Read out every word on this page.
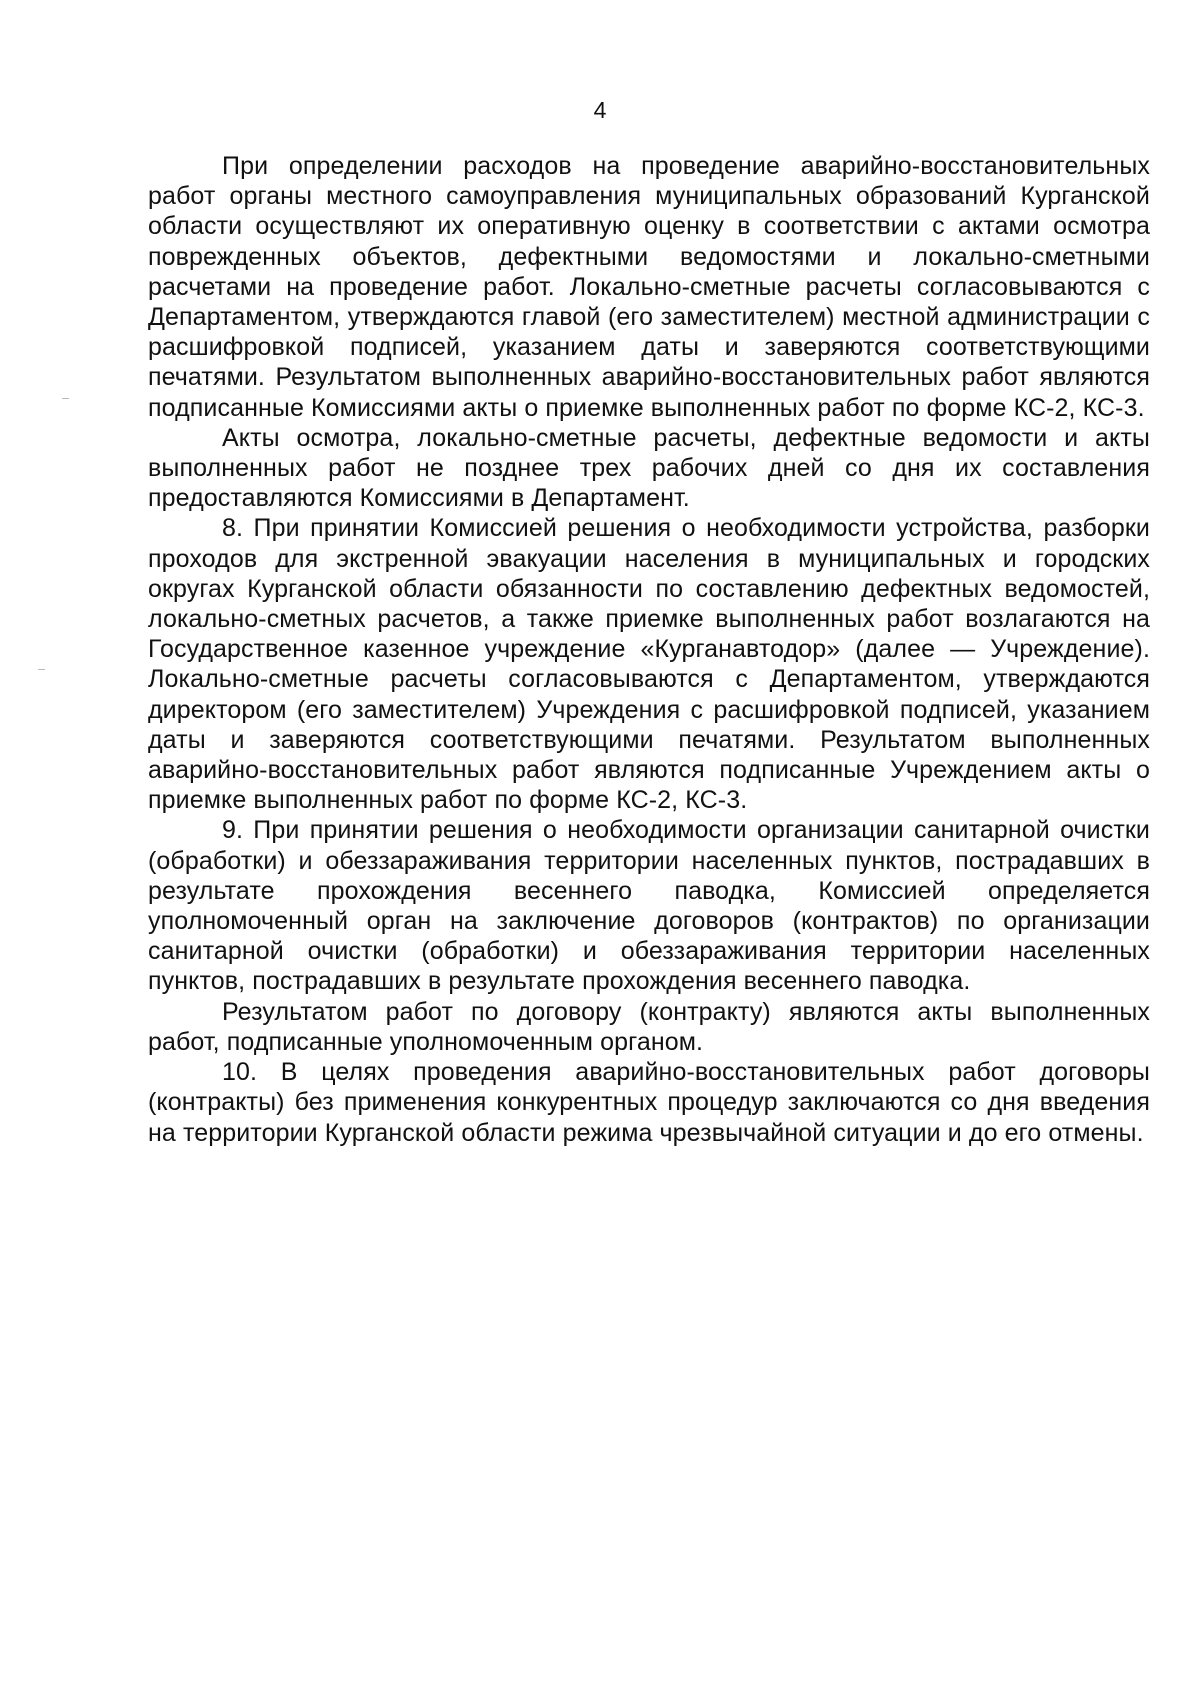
4

При определении расходов на проведение аварийно-восстановительных работ органы местного самоуправления муниципальных образований Курганской области осуществляют их оперативную оценку в соответствии с актами осмотра поврежденных объектов, дефектными ведомостями и локально-сметными расчетами на проведение работ. Локально-сметные расчеты согласовываются с Департаментом, утверждаются главой (его заместителем) местной администрации с расшифровкой подписей, указанием даты и заверяются соответствующими печатями. Результатом выполненных аварийно-восстановительных работ являются подписанные Комиссиями акты о приемке выполненных работ по форме КС-2, КС-3.

Акты осмотра, локально-сметные расчеты, дефектные ведомости и акты выполненных работ не позднее трех рабочих дней со дня их составления предоставляются Комиссиями в Департамент.

8. При принятии Комиссией решения о необходимости устройства, разборки проходов для экстренной эвакуации населения в муниципальных и городских округах Курганской области обязанности по составлению дефектных ведомостей, локально-сметных расчетов, а также приемке выполненных работ возлагаются на Государственное казенное учреждение «Курганавтодор» (далее — Учреждение). Локально-сметные расчеты согласовываются с Департаментом, утверждаются директором (его заместителем) Учреждения с расшифровкой подписей, указанием даты и заверяются соответствующими печатями. Результатом выполненных аварийно-восстановительных работ являются подписанные Учреждением акты о приемке выполненных работ по форме КС-2, КС-3.

9. При принятии решения о необходимости организации санитарной очистки (обработки) и обеззараживания территории населенных пунктов, пострадавших в результате прохождения весеннего паводка, Комиссией определяется уполномоченный орган на заключение договоров (контрактов) по организации санитарной очистки (обработки) и обеззараживания территории населенных пунктов, пострадавших в результате прохождения весеннего паводка.

Результатом работ по договору (контракту) являются акты выполненных работ, подписанные уполномоченным органом.

10. В целях проведения аварийно-восстановительных работ договоры (контракты) без применения конкурентных процедур заключаются со дня введения на территории Курганской области режима чрезвычайной ситуации и до его отмены.
